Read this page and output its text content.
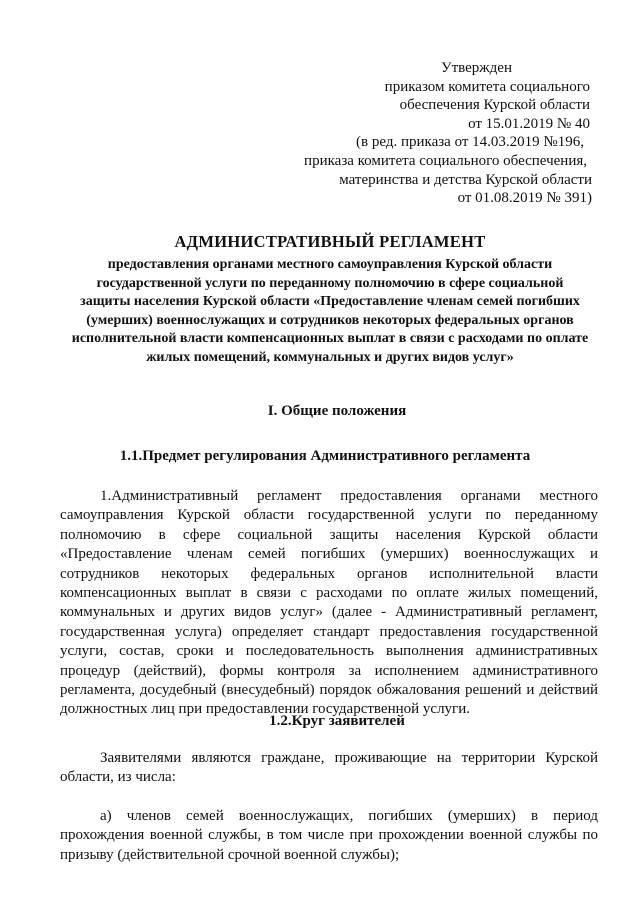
Утвержден
приказом комитета социального
обеспечения Курской области
от 15.01.2019 № 40
(в ред. приказа от 14.03.2019 №196,
приказа комитета социального обеспечения,
материнства и детства Курской области
от 01.08.2019 № 391)
АДМИНИСТРАТИВНЫЙ РЕГЛАМЕНТ
предоставления органами местного самоуправления Курской области государственной услуги по переданному полномочию в сфере социальной защиты населения Курской области «Предоставление членам семей погибших (умерших) военнослужащих и сотрудников некоторых федеральных органов исполнительной власти компенсационных выплат в связи с расходами по оплате жилых помещений, коммунальных и других видов услуг»
I. Общие положения
1.1.Предмет регулирования Административного регламента
1.Административный регламент предоставления органами местного самоуправления Курской области государственной услуги по переданному полномочию в сфере социальной защиты населения Курской области «Предоставление членам семей погибших (умерших) военнослужащих и сотрудников некоторых федеральных органов исполнительной власти компенсационных выплат в связи с расходами по оплате жилых помещений, коммунальных и других видов услуг» (далее - Административный регламент, государственная услуга) определяет стандарт предоставления государственной услуги, состав, сроки и последовательность выполнения административных процедур (действий), формы контроля за исполнением административного регламента, досудебный (внесудебный) порядок обжалования решений и действий должностных лиц при предоставлении государственной услуги.
1.2.Круг заявителей
Заявителями являются граждане, проживающие на территории Курской области, из числа:
а) членов семей военнослужащих, погибших (умерших) в период прохождения военной службы, в том числе при прохождении военной службы по призыву (действительной срочной военной службы);
